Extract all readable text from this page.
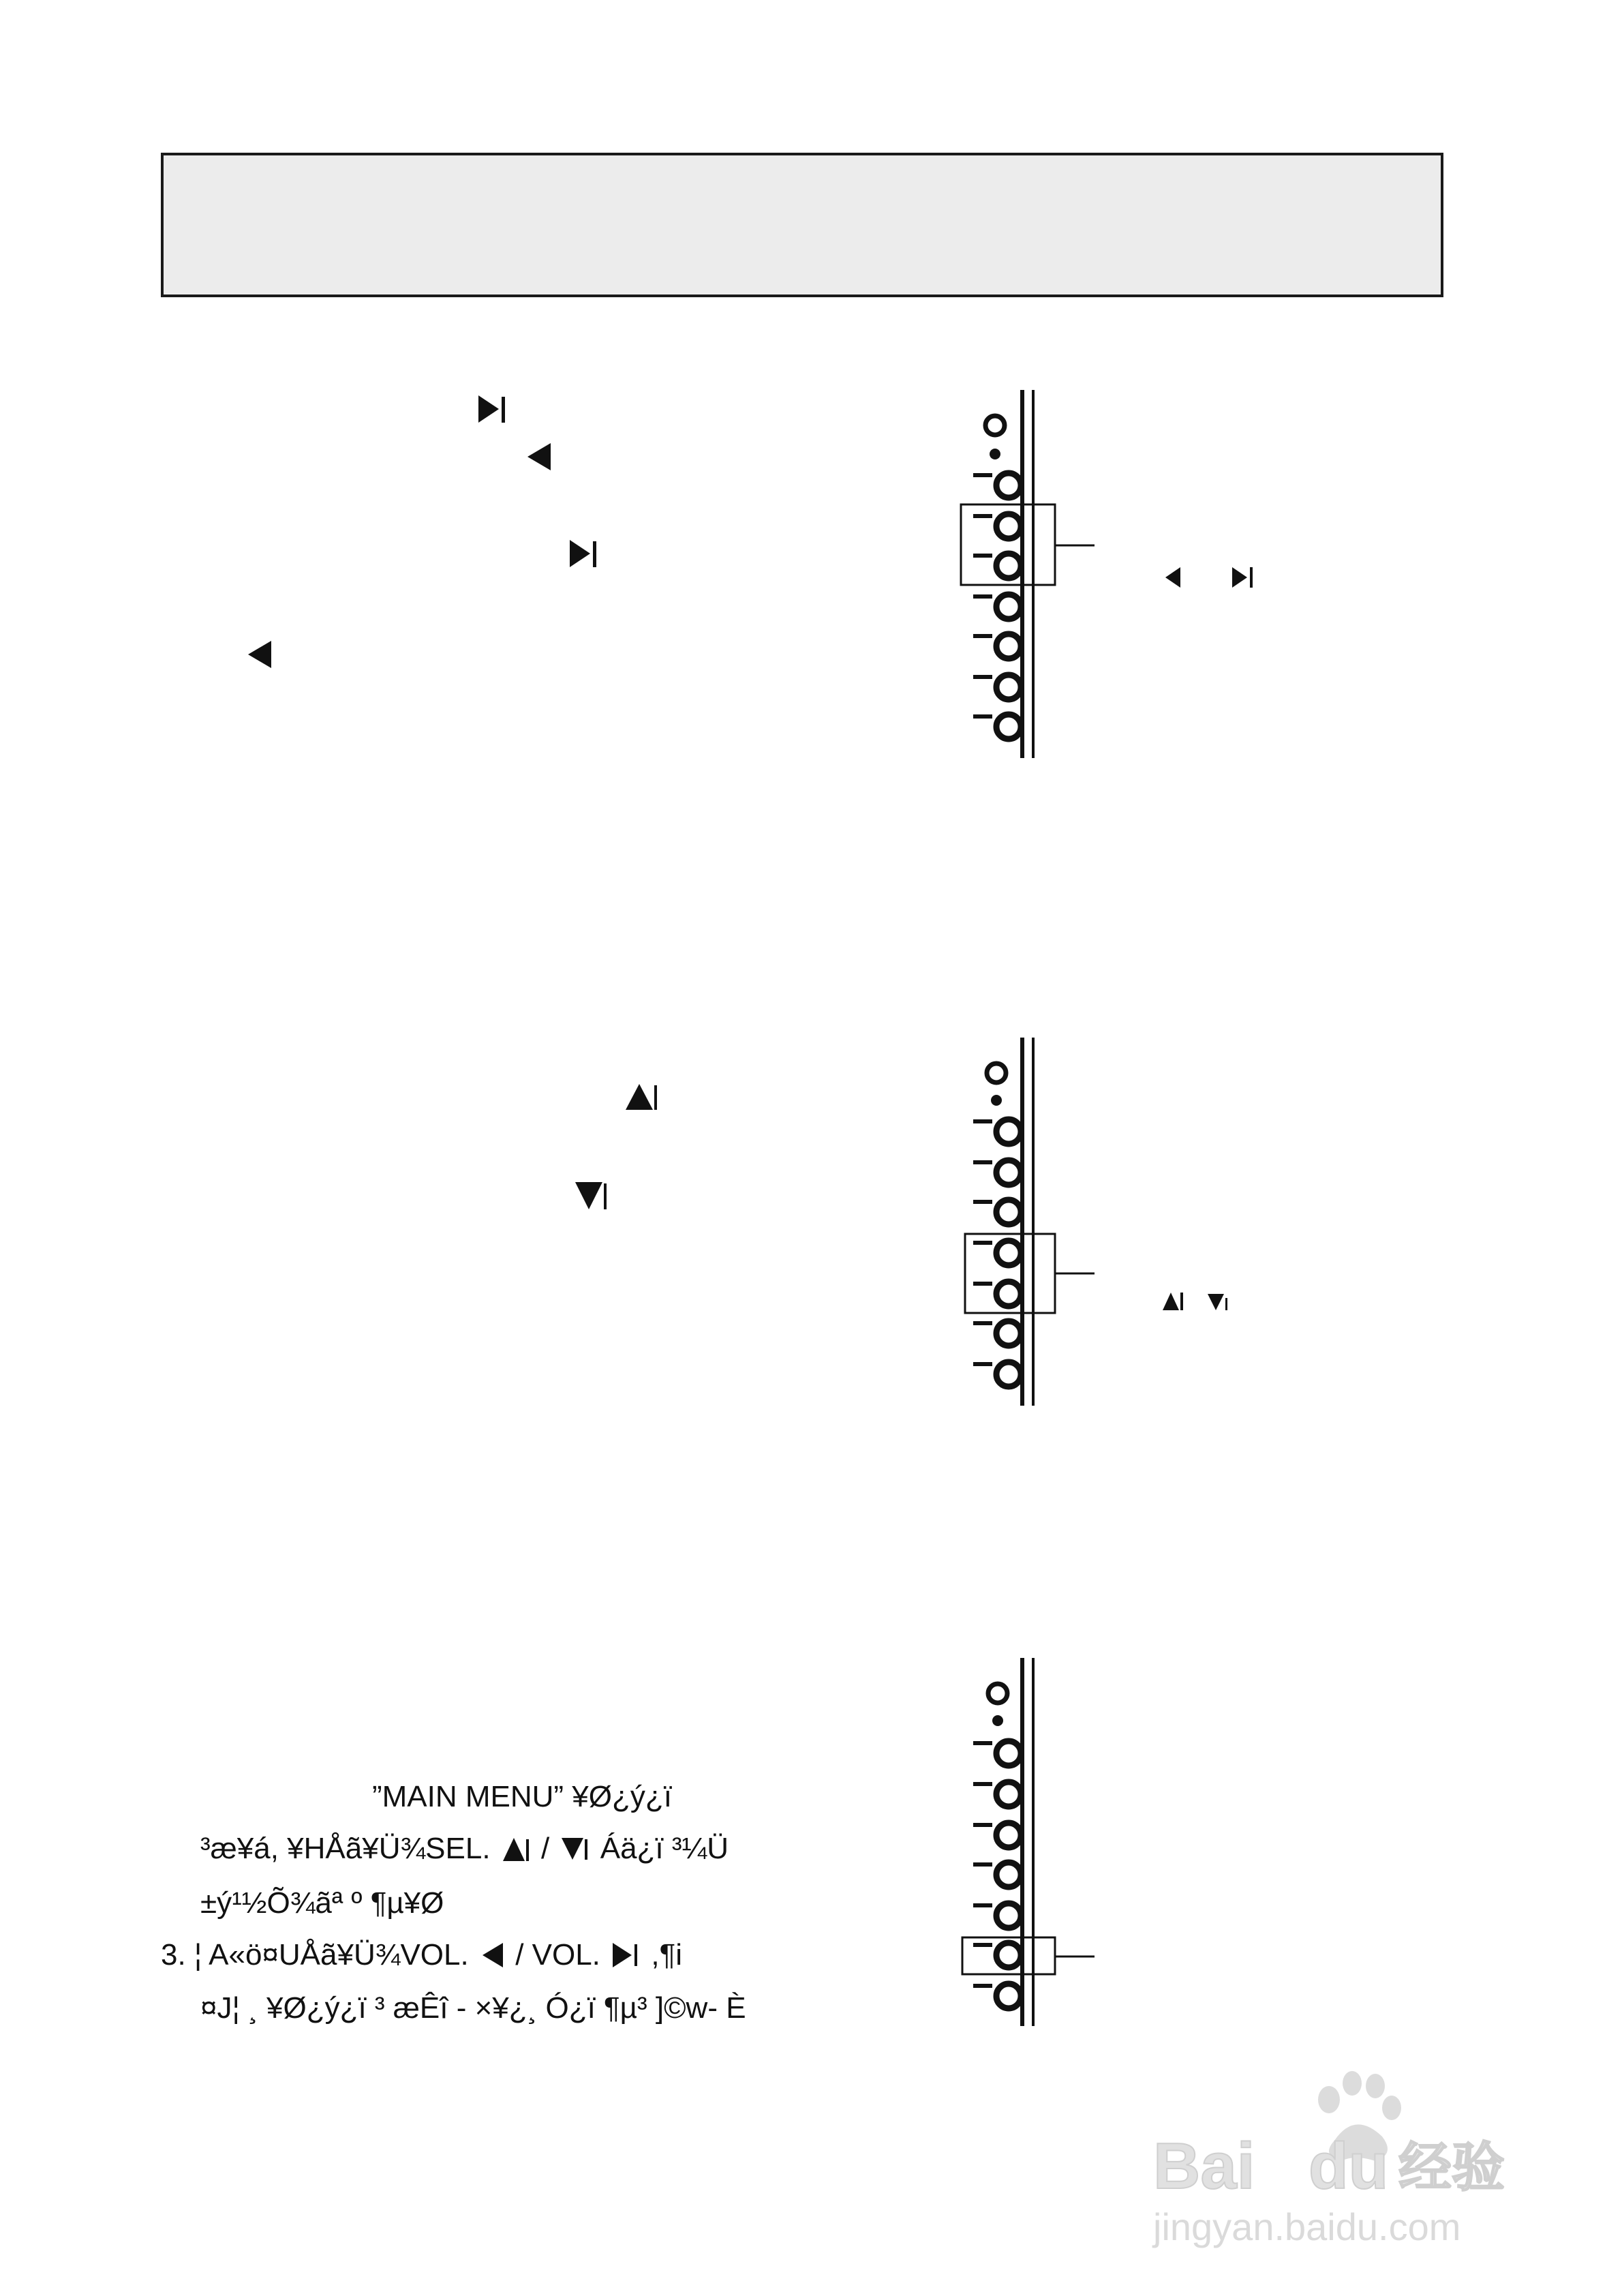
”MAIN MENU” ¥Ø¿ý¿ï
³æ¥á, ¥HÅã¥Ü¾SEL.  /  Áä¿ï ³¼Ü
±ý¹½Õ¾ãª º ¶µ¥Ø
3. ¦ A«ö¤UÅã¥Ü¾VOL.  / VOL. ,¶i
¤J¦ ¸ ¥Ø¿ý¿ï ³ æÊî - ×¥¿¸ Ó¿ï ¶µ³ ]©w- È
Bai du 经验
jingyan.baidu.com
